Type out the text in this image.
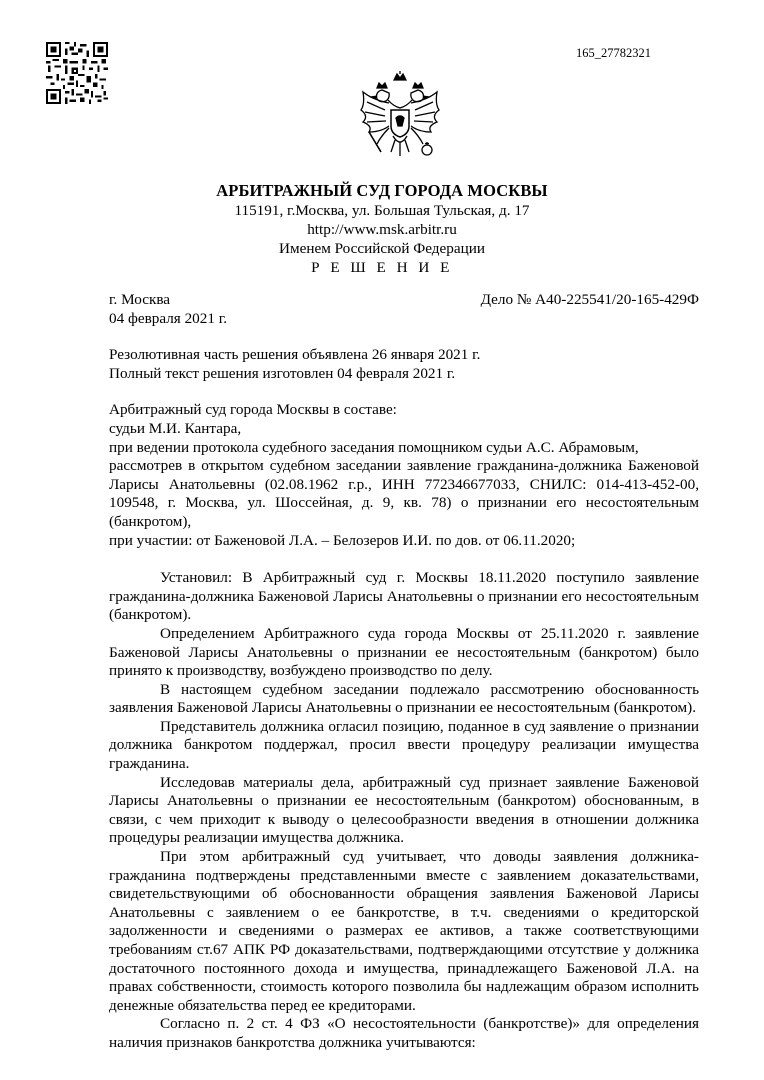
165_27782321
АРБИТРАЖНЫЙ СУД ГОРОДА МОСКВЫ
115191, г.Москва, ул. Большая Тульская, д. 17
http://www.msk.arbitr.ru
Именем Российской Федерации
Р Е Ш Е Н И Е
г. Москва	Дело № А40-225541/20-165-429Ф
04 февраля 2021 г.
Резолютивная часть решения объявлена 26 января 2021 г.
Полный текст решения изготовлен 04 февраля 2021 г.
Арбитражный суд города Москвы в составе:
судьи М.И. Кантара,
при ведении протокола судебного заседания помощником судьи А.С. Абрамовым,
рассмотрев в открытом судебном заседании заявление гражданина-должника Баженовой Ларисы Анатольевны (02.08.1962 г.р., ИНН 772346677033, СНИЛС: 014-413-452-00, 109548, г. Москва, ул. Шоссейная, д. 9, кв. 78) о признании его несостоятельным (банкротом),
при участии: от Баженовой Л.А. – Белозеров И.И. по дов. от 06.11.2020;
Установил: В Арбитражный суд г. Москвы 18.11.2020 поступило заявление гражданина-должника Баженовой Ларисы Анатольевны о признании его несостоятельным (банкротом).
Определением Арбитражного суда города Москвы от 25.11.2020 г. заявление Баженовой Ларисы Анатольевны о признании ее несостоятельным (банкротом) было принято к производству, возбуждено производство по делу.
В настоящем судебном заседании подлежало рассмотрению обоснованность заявления Баженовой Ларисы Анатольевны о признании ее несостоятельным (банкротом).
Представитель должника огласил позицию, поданное в суд заявление о признании должника банкротом поддержал, просил ввести процедуру реализации имущества гражданина.
Исследовав материалы дела, арбитражный суд признает заявление Баженовой Ларисы Анатольевны о признании ее несостоятельным (банкротом) обоснованным, в связи, с чем приходит к выводу о целесообразности введения в отношении должника процедуры реализации имущества должника.
При этом арбитражный суд учитывает, что доводы заявления должника-гражданина подтверждены представленными вместе с заявлением доказательствами, свидетельствующими об обоснованности обращения заявления Баженовой Ларисы Анатольевны с заявлением о ее банкротстве, в т.ч. сведениями о кредиторской задолженности и сведениями о размерах ее активов, а также соответствующими требованиям ст.67 АПК РФ доказательствами, подтверждающими отсутствие у должника достаточного постоянного дохода и имущества, принадлежащего Баженовой Л.А. на правах собственности, стоимость которого позволила бы надлежащим образом исполнить денежные обязательства перед ее кредиторами.
Согласно п. 2 ст. 4 ФЗ «О несостоятельности (банкротстве)» для определения наличия признаков банкротства должника учитываются:
